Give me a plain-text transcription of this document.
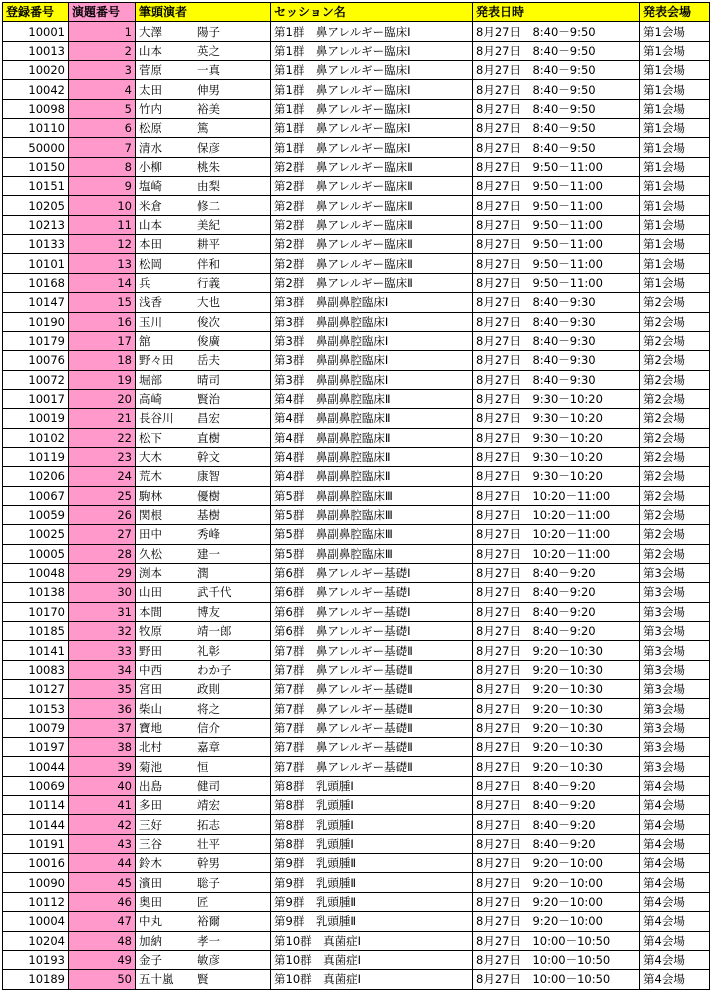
登録番号	演題番号	筆頭演者	セッション名	発表日時	発表会場
10001	1	大澤 陽子	第1群　鼻アレルギー臨床Ⅰ	8月27日　8:40－9:50	第1会場
10013	2	山本 英之	第1群　鼻アレルギー臨床Ⅰ	8月27日　8:40－9:50	第1会場
10020	3	菅原 一真	第1群　鼻アレルギー臨床Ⅰ	8月27日　8:40－9:50	第1会場
10042	4	太田 伸男	第1群　鼻アレルギー臨床Ⅰ	8月27日　8:40－9:50	第1会場
10098	5	竹内 裕美	第1群　鼻アレルギー臨床Ⅰ	8月27日　8:40－9:50	第1会場
10110	6	松原 篤	第1群　鼻アレルギー臨床Ⅰ	8月27日　8:40－9:50	第1会場
50000	7	清水 保彦	第1群　鼻アレルギー臨床Ⅰ	8月27日　8:40－9:50	第1会場
10150	8	小柳 桃朱	第2群　鼻アレルギー臨床Ⅱ	8月27日　9:50－11:00	第1会場
10151	9	塩崎 由梨	第2群　鼻アレルギー臨床Ⅱ	8月27日　9:50－11:00	第1会場
10205	10	米倉 修二	第2群　鼻アレルギー臨床Ⅱ	8月27日　9:50－11:00	第1会場
10213	11	山本 美紀	第2群　鼻アレルギー臨床Ⅱ	8月27日　9:50－11:00	第1会場
10133	12	本田 耕平	第2群　鼻アレルギー臨床Ⅱ	8月27日　9:50－11:00	第1会場
10101	13	松岡 伴和	第2群　鼻アレルギー臨床Ⅱ	8月27日　9:50－11:00	第1会場
10168	14	兵 行義	第2群　鼻アレルギー臨床Ⅱ	8月27日　9:50－11:00	第1会場
10147	15	浅香 大也	第3群　鼻副鼻腔臨床Ⅰ	8月27日　8:40－9:30	第2会場
10190	16	玉川 俊次	第3群　鼻副鼻腔臨床Ⅰ	8月27日　8:40－9:30	第2会場
10179	17	舘 俊廣	第3群　鼻副鼻腔臨床Ⅰ	8月27日　8:40－9:30	第2会場
10076	18	野々田 岳夫	第3群　鼻副鼻腔臨床Ⅰ	8月27日　8:40－9:30	第2会場
10072	19	堀部 晴司	第3群　鼻副鼻腔臨床Ⅰ	8月27日　8:40－9:30	第2会場
10017	20	高崎 賢治	第4群　鼻副鼻腔臨床Ⅱ	8月27日　9:30－10:20	第2会場
10019	21	長谷川 昌宏	第4群　鼻副鼻腔臨床Ⅱ	8月27日　9:30－10:20	第2会場
10102	22	松下 直樹	第4群　鼻副鼻腔臨床Ⅱ	8月27日　9:30－10:20	第2会場
10119	23	大木 幹文	第4群　鼻副鼻腔臨床Ⅱ	8月27日　9:30－10:20	第2会場
10206	24	荒木 康智	第4群　鼻副鼻腔臨床Ⅱ	8月27日　9:30－10:20	第2会場
10067	25	駒林 優樹	第5群　鼻副鼻腔臨床Ⅲ	8月27日　10:20－11:00	第2会場
10059	26	関根 基樹	第5群　鼻副鼻腔臨床Ⅲ	8月27日　10:20－11:00	第2会場
10025	27	田中 秀峰	第5群　鼻副鼻腔臨床Ⅲ	8月27日　10:20－11:00	第2会場
10005	28	久松 建一	第5群　鼻副鼻腔臨床Ⅲ	8月27日　10:20－11:00	第2会場
10048	29	渕本 潤	第6群　鼻アレルギー基礎Ⅰ	8月27日　8:40－9:20	第3会場
10138	30	山田 武千代	第6群　鼻アレルギー基礎Ⅰ	8月27日　8:40－9:20	第3会場
10170	31	本間 博友	第6群　鼻アレルギー基礎Ⅰ	8月27日　8:40－9:20	第3会場
10185	32	牧原 靖一郎	第6群　鼻アレルギー基礎Ⅰ	8月27日　8:40－9:20	第3会場
10141	33	野田 礼彰	第7群　鼻アレルギー基礎Ⅱ	8月27日　9:20－10:30	第3会場
10083	34	中西 わか子	第7群　鼻アレルギー基礎Ⅱ	8月27日　9:20－10:30	第3会場
10127	35	宮田 政則	第7群　鼻アレルギー基礎Ⅱ	8月27日　9:20－10:30	第3会場
10153	36	柴山 将之	第7群　鼻アレルギー基礎Ⅱ	8月27日　9:20－10:30	第3会場
10079	37	寶地 信介	第7群　鼻アレルギー基礎Ⅱ	8月27日　9:20－10:30	第3会場
10197	38	北村 嘉章	第7群　鼻アレルギー基礎Ⅱ	8月27日　9:20－10:30	第3会場
10044	39	菊池 恒	第7群　鼻アレルギー基礎Ⅱ	8月27日　9:20－10:30	第3会場
10069	40	出島 健司	第8群　乳頭腫Ⅰ	8月27日　8:40－9:20	第4会場
10114	41	多田 靖宏	第8群　乳頭腫Ⅰ	8月27日　8:40－9:20	第4会場
10144	42	三好 拓志	第8群　乳頭腫Ⅰ	8月27日　8:40－9:20	第4会場
10191	43	三谷 壮平	第8群　乳頭腫Ⅰ	8月27日　8:40－9:20	第4会場
10016	44	鈴木 幹男	第9群　乳頭腫Ⅱ	8月27日　9:20－10:00	第4会場
10090	45	濱田 聡子	第9群　乳頭腫Ⅱ	8月27日　9:20－10:00	第4会場
10112	46	奥田 匠	第9群　乳頭腫Ⅱ	8月27日　9:20－10:00	第4会場
10004	47	中丸 裕爾	第9群　乳頭腫Ⅱ	8月27日　9:20－10:00	第4会場
10204	48	加納 孝一	第10群　真菌症Ⅰ	8月27日　10:00－10:50	第4会場
10193	49	金子 敏彦	第10群　真菌症Ⅰ	8月27日　10:00－10:50	第4会場
10189	50	五十嵐 賢	第10群　真菌症Ⅰ	8月27日　10:00－10:50	第4会場
